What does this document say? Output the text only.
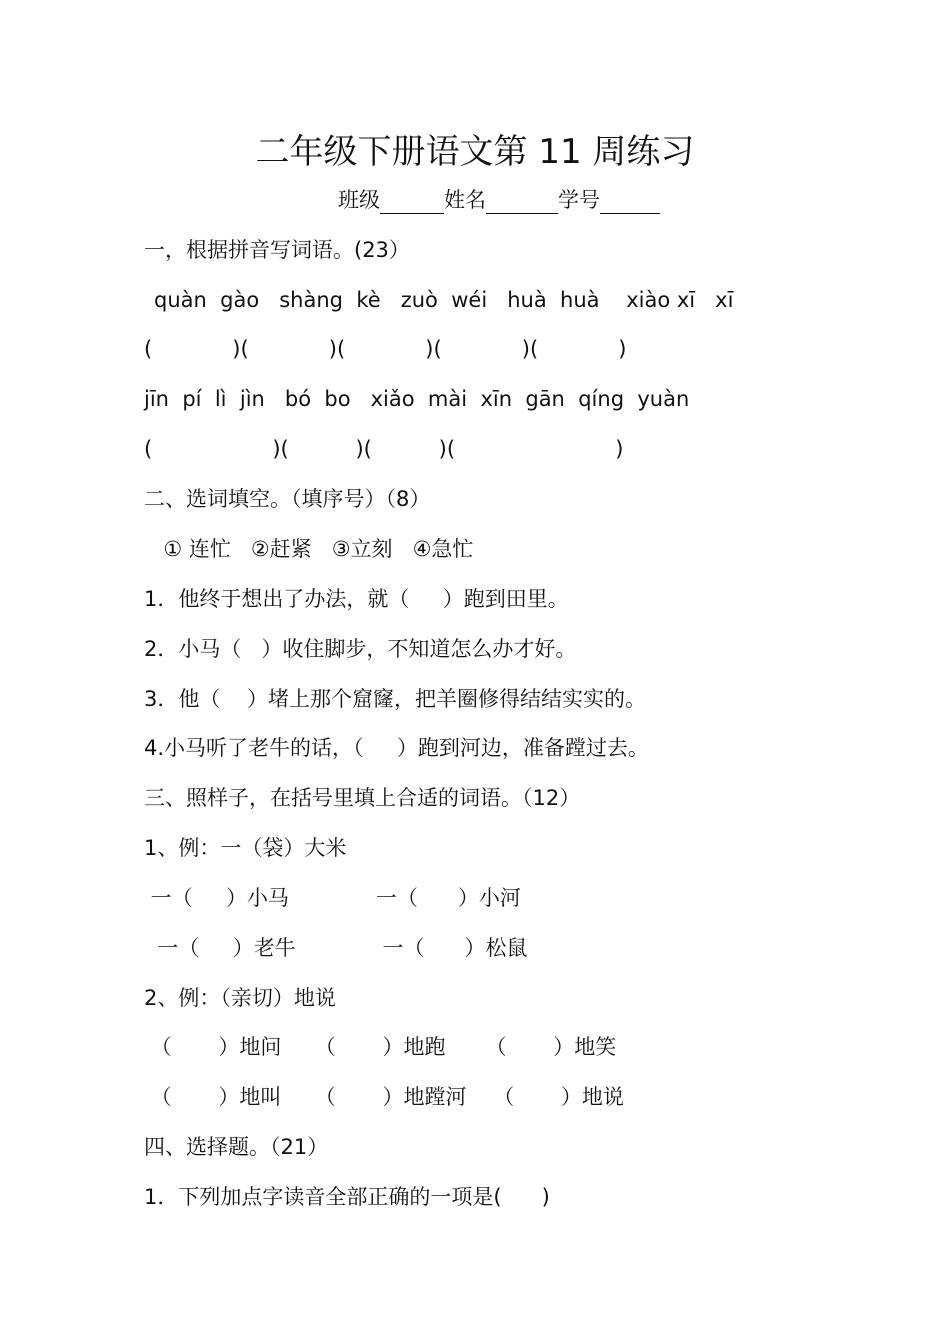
二年级下册语文第 11 周练习
班级	姓名	学号
一，根据拼音写词语。(23）
quàn  gào   shàng  kè   zuò  wéi   huà  huà    xiào xī   xī
(            )(            )(            )(            )(            )
jīn  pí  lì  jìn   bó  bo   xiǎo  mài  xīn  gān  qíng  yuàn
(                  )(          )(          )(                        )
二、选词填空。（填序号）（8）
① 连忙   ②赶紧   ③立刻   ④急忙
1．他终于想出了办法，就（     ）跑到田里。
2．小马（   ）收住脚步，不知道怎么办才好。
3．他（    ）堵上那个窟窿，把羊圈修得结结实实的。
4.小马听了老牛的话，（     ）跑到河边，准备蹚过去。
三、照样子，在括号里填上合适的词语。（12）
1、例：一（袋）大米
一（     ）小马             一（      ）小河
一（     ）老牛             一（      ）松鼠
2、例：（亲切）地说
（       ）地问     （       ）地跑      （       ）地笑
（       ）地叫     （       ）地蹚河    （       ）地说
四、选择题。（21）
1．下列加点字读音全部正确的一项是(      )
